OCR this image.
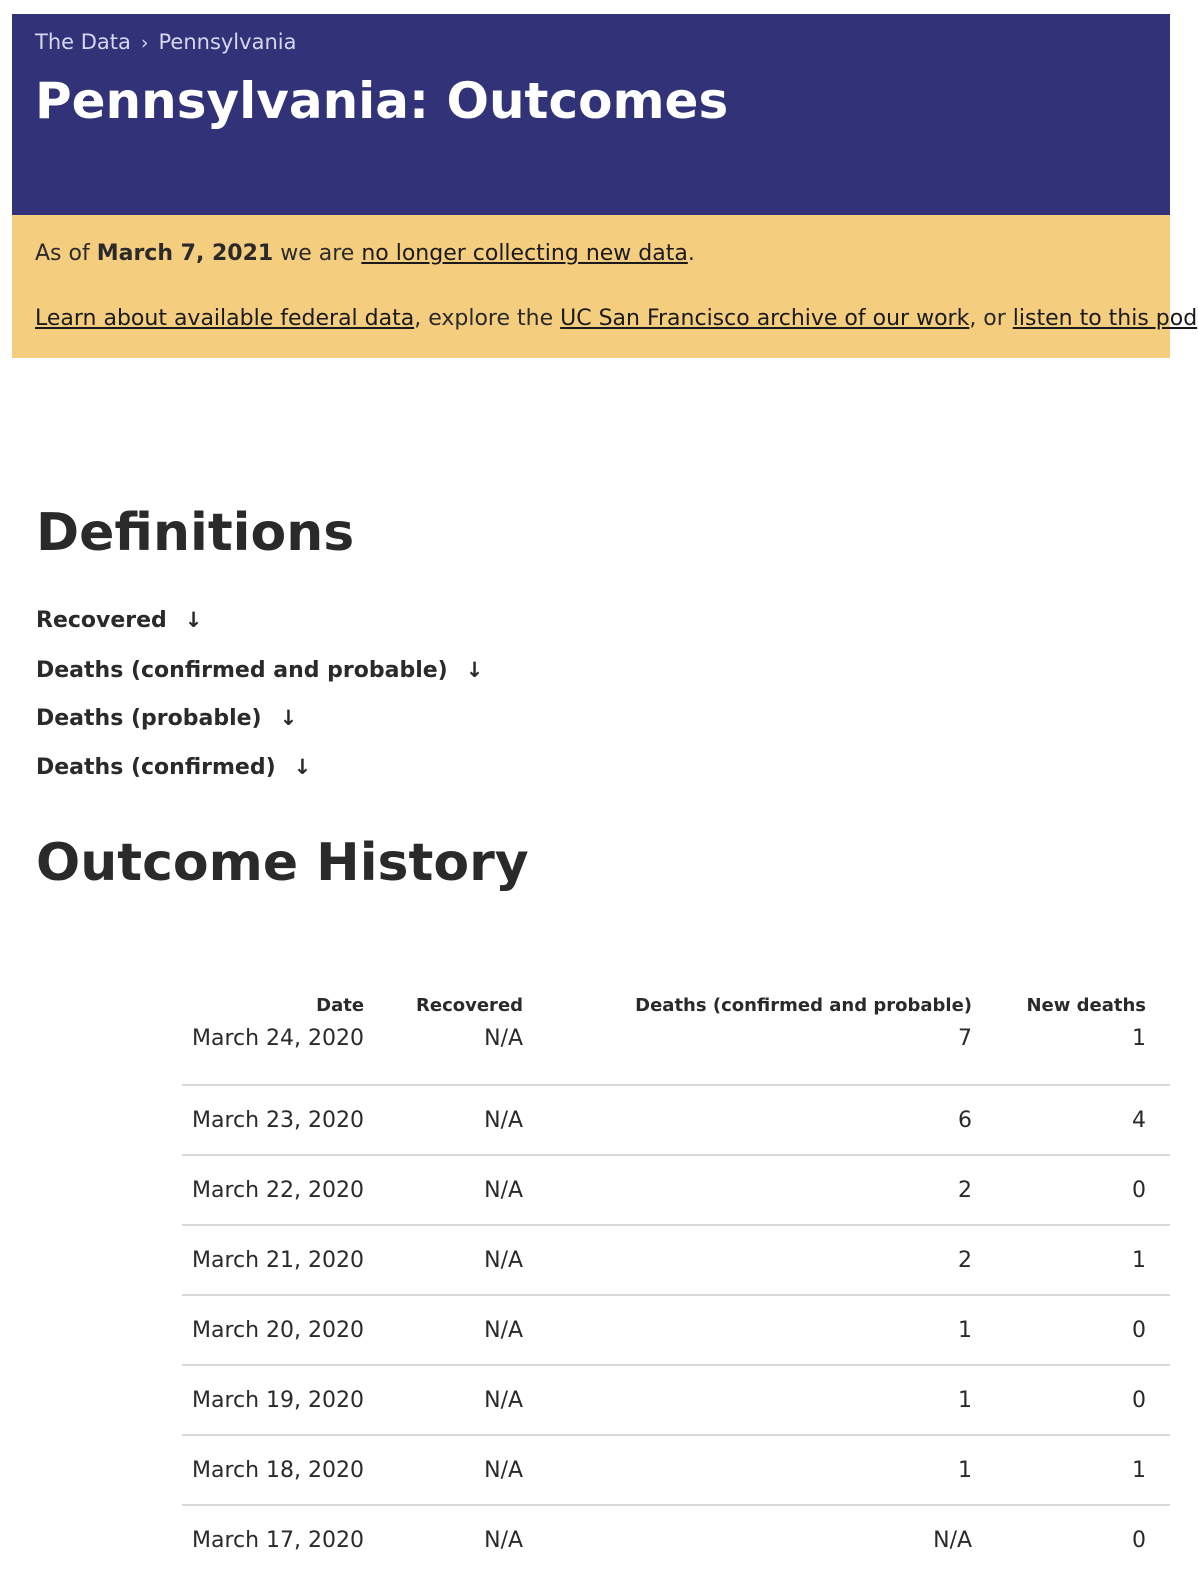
The Data › Pennsylvania
Pennsylvania: Outcomes

As of March 7, 2021 we are no longer collecting new data.

Learn about available federal data, explore the UC San Francisco archive of our work, or listen to this pod

Definitions
Recovered ↓
Deaths (confirmed and probable) ↓
Deaths (probable) ↓
Deaths (confirmed) ↓
Outcome History
Date	Recovered	Deaths (confirmed and probable)	New deaths
March 24, 2020	N/A	7	1
March 23, 2020	N/A	6	4
March 22, 2020	N/A	2	0
March 21, 2020	N/A	2	1
March 20, 2020	N/A	1	0
March 19, 2020	N/A	1	0
March 18, 2020	N/A	1	1
March 17, 2020	N/A	N/A	0
